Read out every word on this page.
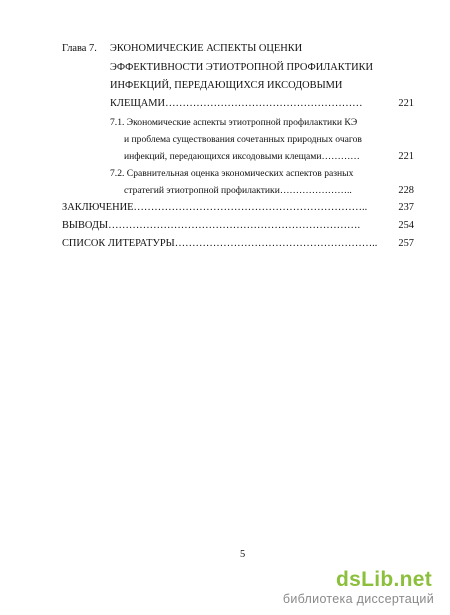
Глава 7. ЭКОНОМИЧЕСКИЕ АСПЕКТЫ ОЦЕНКИ
ЭФФЕКТИВНОСТИ ЭТИОТРОПНОЙ ПРОФИЛАКТИКИ
ИНФЕКЦИЙ, ПЕРЕДАЮЩИХСЯ ИКСОДОВЫМИ
КЛЕЩАМИ…………………………………………………	221
7.1. Экономические аспекты этиотропной профилактики КЭ
и проблема существования сочетанных природных очагов
инфекций, передающихся иксодовыми клещами…………	221
7.2. Сравнительная оценка экономических аспектов разных
стратегий этиотропной профилактики…………………..	228
ЗАКЛЮЧЕНИЕ…………………………………………………………..	237
ВЫВОДЫ……………………………………………………………….	254
СПИСОК ЛИТЕРАТУРЫ…………………………………………………..	257
5
dsLib.net
библиотека диссертаций
